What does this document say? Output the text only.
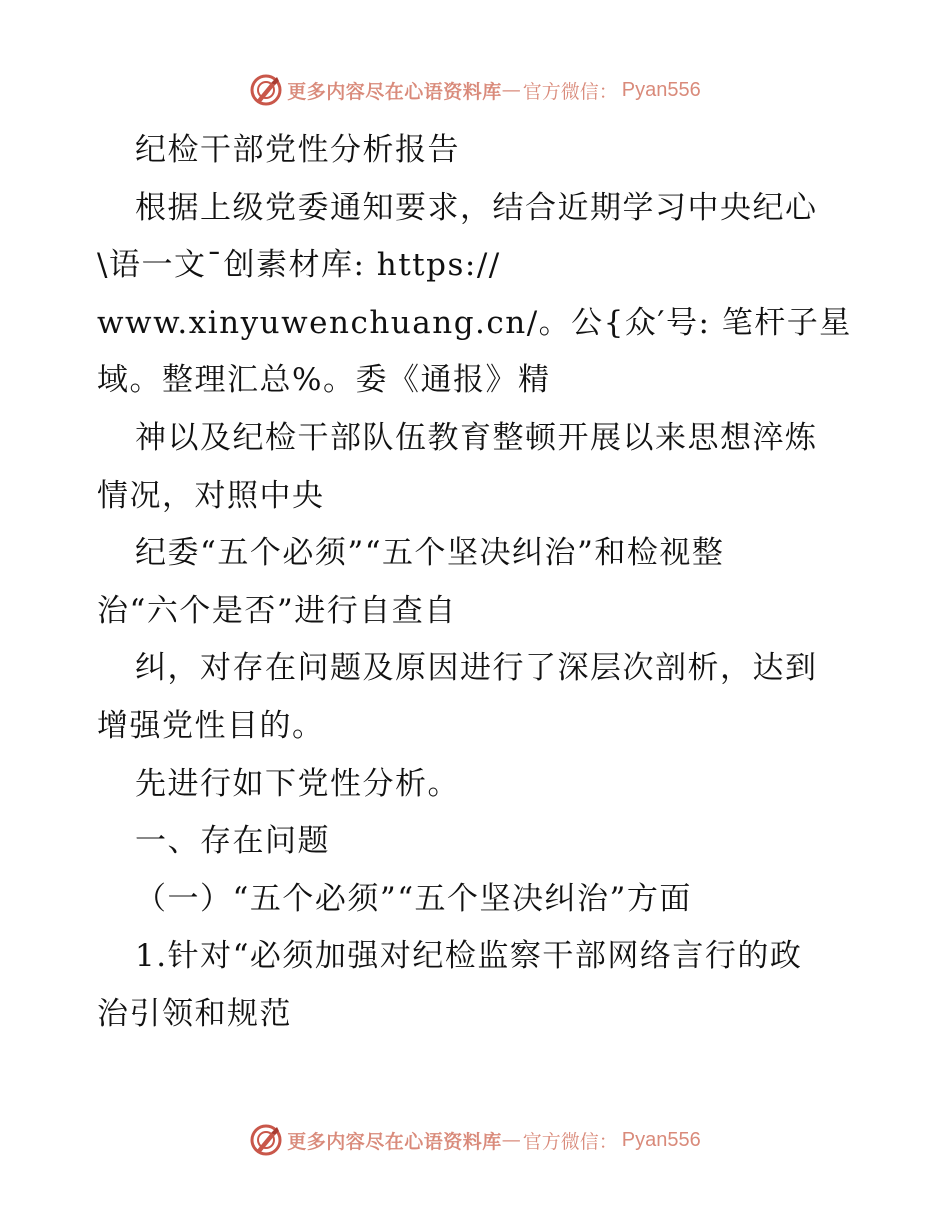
更多内容尽在心语资料库 — 官方微信： Pyan556
纪检干部党性分析报告
根据上级党委通知要求，结合近期学习中央纪心
\语一文¯创素材库: https://
www.xinyuwenchuang.cn/。公{众′号: 笔杆子星
域。整理汇总%。委《通报》精
神以及纪检干部队伍教育整顿开展以来思想淬炼
情况，对照中央
纪委“五个必须”“五个坚决纠治”和检视整
治“六个是否”进行自查自
纠，对存在问题及原因进行了深层次剖析，达到
增强党性目的。
先进行如下党性分析。
一、存在问题
（一）“五个必须”“五个坚决纠治”方面
1.针对“必须加强对纪检监察干部网络言行的政
治引领和规范
更多内容尽在心语资料库 — 官方微信： Pyan556
